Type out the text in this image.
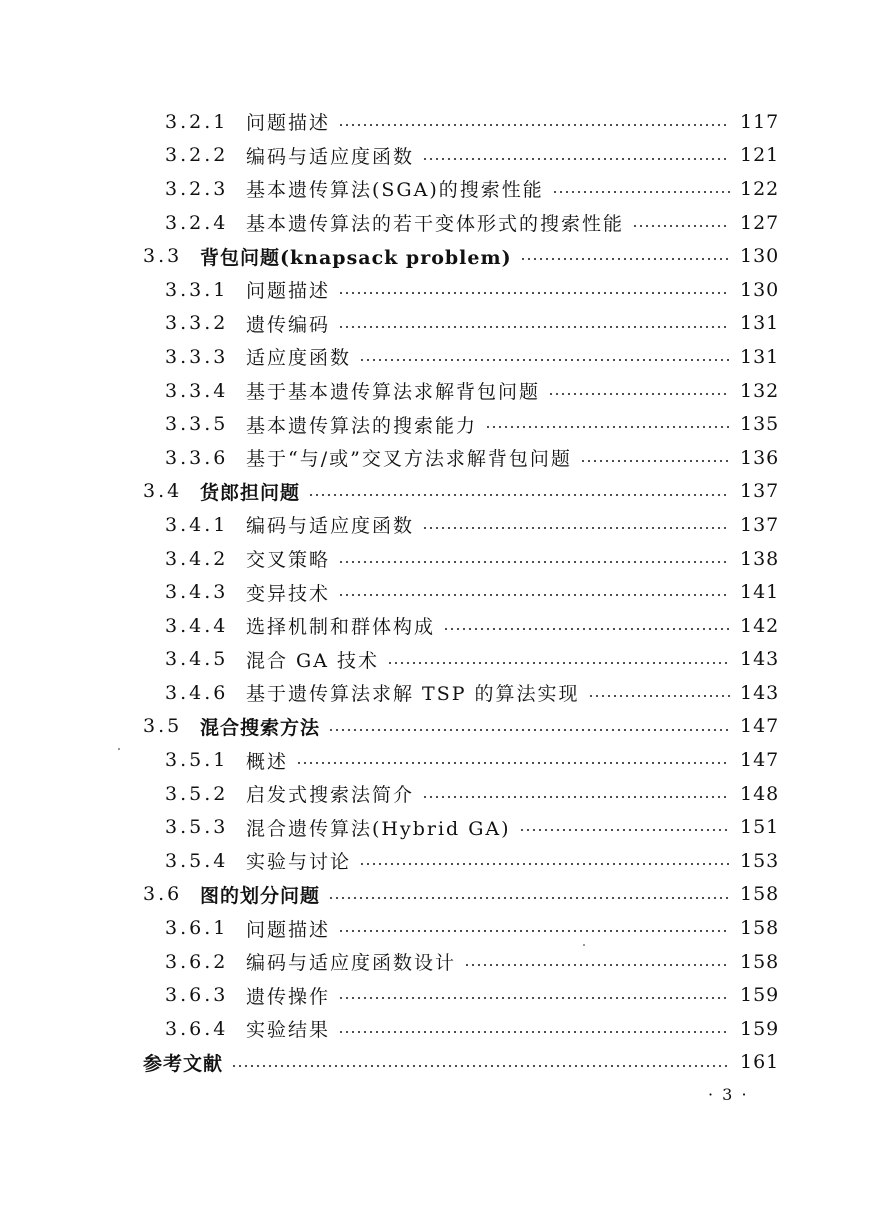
3.2.1 问题描述	117
3.2.2 编码与适应度函数	121
3.2.3 基本遗传算法(SGA)的搜索性能	122
3.2.4 基本遗传算法的若干变体形式的搜索性能	127
3.3 背包问题(knapsack problem)	130
3.3.1 问题描述	130
3.3.2 遗传编码	131
3.3.3 适应度函数	131
3.3.4 基于基本遗传算法求解背包问题	132
3.3.5 基本遗传算法的搜索能力	135
3.3.6 基于“与/或”交叉方法求解背包问题	136
3.4 货郎担问题	137
3.4.1 编码与适应度函数	137
3.4.2 交叉策略	138
3.4.3 变异技术	141
3.4.4 选择机制和群体构成	142
3.4.5 混合 GA 技术	143
3.4.6 基于遗传算法求解 TSP 的算法实现	143
3.5 混合搜索方法	147
3.5.1 概述	147
3.5.2 启发式搜索法简介	148
3.5.3 混合遗传算法(Hybrid GA)	151
3.5.4 实验与讨论	153
3.6 图的划分问题	158
3.6.1 问题描述	158
3.6.2 编码与适应度函数设计	158
3.6.3 遗传操作	159
3.6.4 实验结果	159
参考文献	161
· 3 ·
